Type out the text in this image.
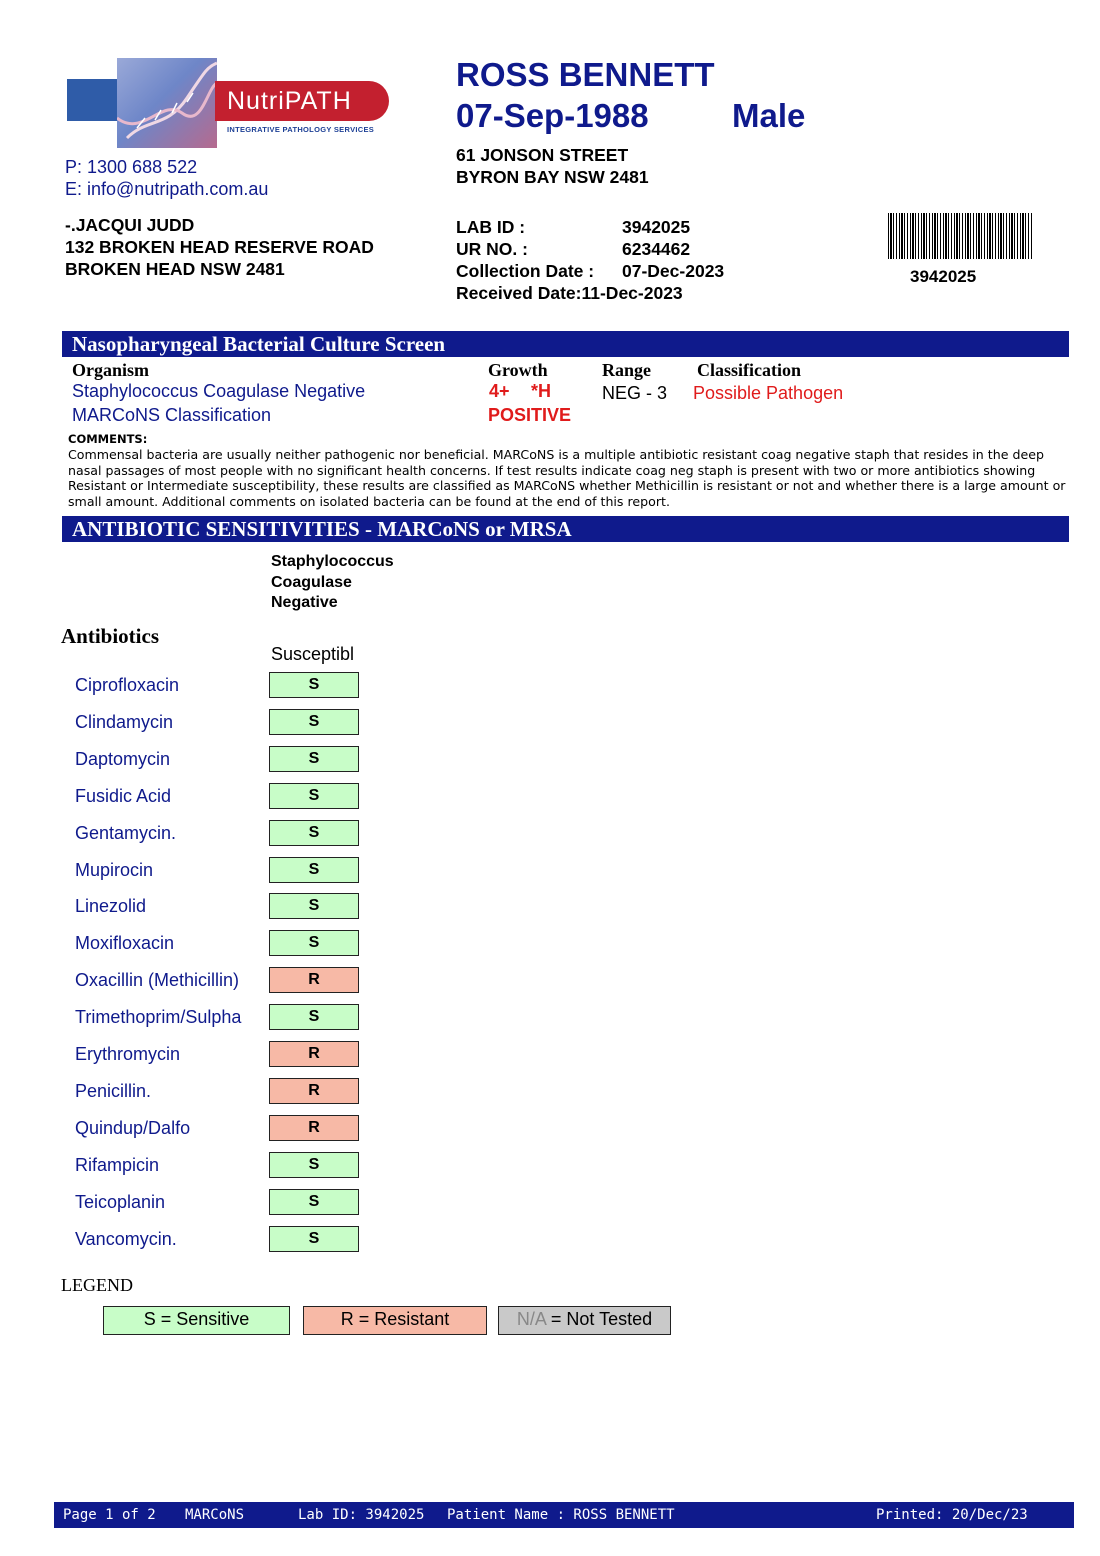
NutriPATH
INTEGRATIVE PATHOLOGY SERVICES
P: 1300 688 522
E: info@nutripath.com.au
-.JACQUI JUDD
132 BROKEN HEAD RESERVE ROAD
BROKEN HEAD NSW 2481
ROSS BENNETT
07-Sep-1988	Male
61 JONSON STREET
BYRON BAY NSW 2481
LAB ID :	3942025
UR NO. :	6234462
Collection Date : 07-Dec-2023
Received Date:11-Dec-2023
3942025
Nasopharyngeal Bacterial Culture Screen
Organism	Growth	Range	Classification
Staphylococcus Coagulase Negative	4+ *H	NEG - 3 Possible Pathogen
MARCoNS Classification	POSITIVE
COMMENTS:
Commensal bacteria are usually neither pathogenic nor beneficial. MARCoNS is a multiple antibiotic resistant coag negative staph that resides in the deep nasal passages of most people with no significant health concerns. If test results indicate coag neg staph is present with two or more antibiotics showing Resistant or Intermediate susceptibility, these results are classified as MARCoNS whether Methicillin is resistant or not and whether there is a large amount or small amount. Additional comments on isolated bacteria can be found at the end of this report.
ANTIBIOTIC SENSITIVITIES - MARCoNS or MRSA
Staphylococcus
Coagulase
Negative
Antibiotics
Susceptibl
Ciprofloxacin	S
Clindamycin	S
Daptomycin	S
Fusidic Acid	S
Gentamycin.	S
Mupirocin	S
Linezolid	S
Moxifloxacin	S
Oxacillin (Methicillin)	R
Trimethoprim/Sulpha	S
Erythromycin	R
Penicillin.	R
Quindup/Dalfo	R
Rifampicin	S
Teicoplanin	S
Vancomycin.	S
LEGEND
S = Sensitive	R = Resistant	N/A = Not Tested
Page 1 of 2 MARCoNS	Lab ID: 3942025 Patient Name : ROSS BENNETT	Printed: 20/Dec/23 14:06
